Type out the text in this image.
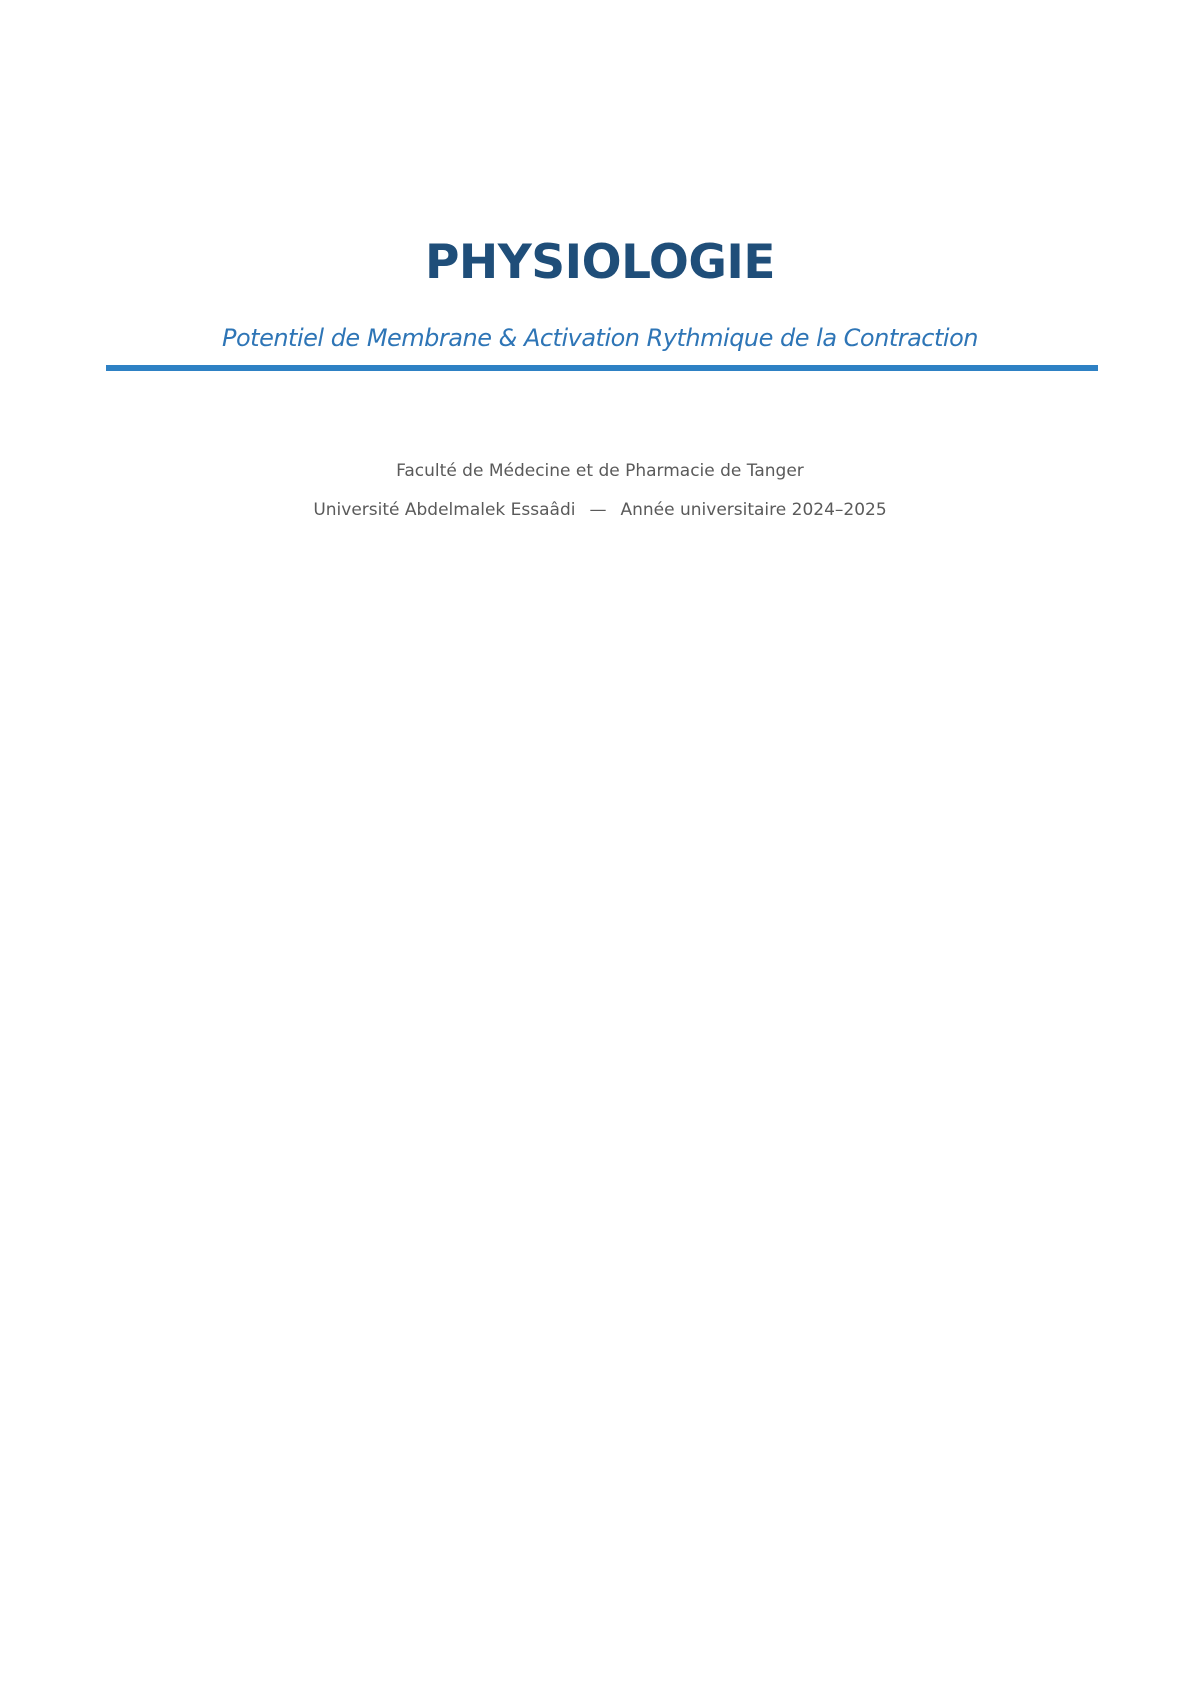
PHYSIOLOGIE
Potentiel de Membrane & Activation Rythmique de la Contraction
Faculté de Médecine et de Pharmacie de Tanger
Université Abdelmalek Essaâdi — Année universitaire 2024–2025
